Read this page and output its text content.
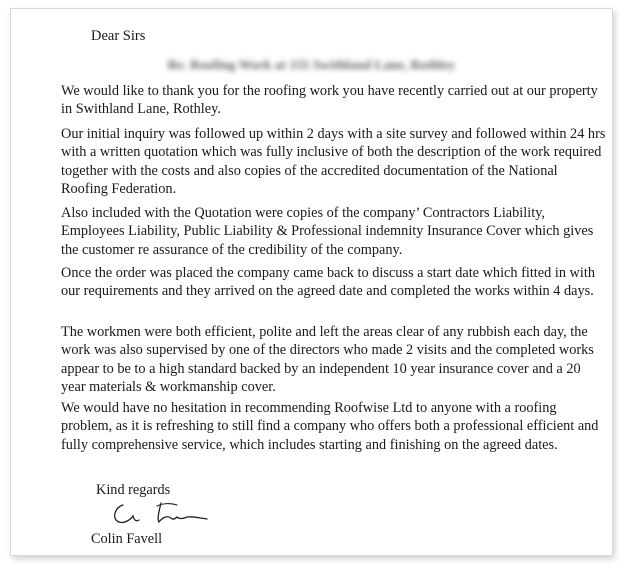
Dear Sirs
Re. Roofing Work at 155 Swithland Lane, Rothley

We would like to thank you for the roofing work you have recently carried out at our property in Swithland Lane, Rothley.

Our initial inquiry was followed up within 2 days with a site survey and followed within 24 hrs with a written quotation which was fully inclusive of both the description of the work required together with the costs and also copies of the accredited documentation of the National Roofing Federation.

Also included with the Quotation were copies of the company’ Contractors Liability, Employees Liability, Public Liability & Professional indemnity Insurance Cover which gives the customer re assurance of the credibility of the company.

Once the order was placed the company came back to discuss a start date which fitted in with our requirements and they arrived on the agreed date and completed the works within 4 days.

The workmen were both efficient, polite and left the areas clear of any rubbish each day, the work was also supervised by one of the directors who made 2 visits and the completed works appear to be to a high standard backed by an independent 10 year insurance cover and a 20 year materials & workmanship cover.

We would have no hesitation in recommending Roofwise Ltd to anyone with a roofing problem, as it is refreshing to still find a company who offers both a professional efficient and fully comprehensive service, which includes starting and finishing on the agreed dates.

Kind regards
Colin Favell
